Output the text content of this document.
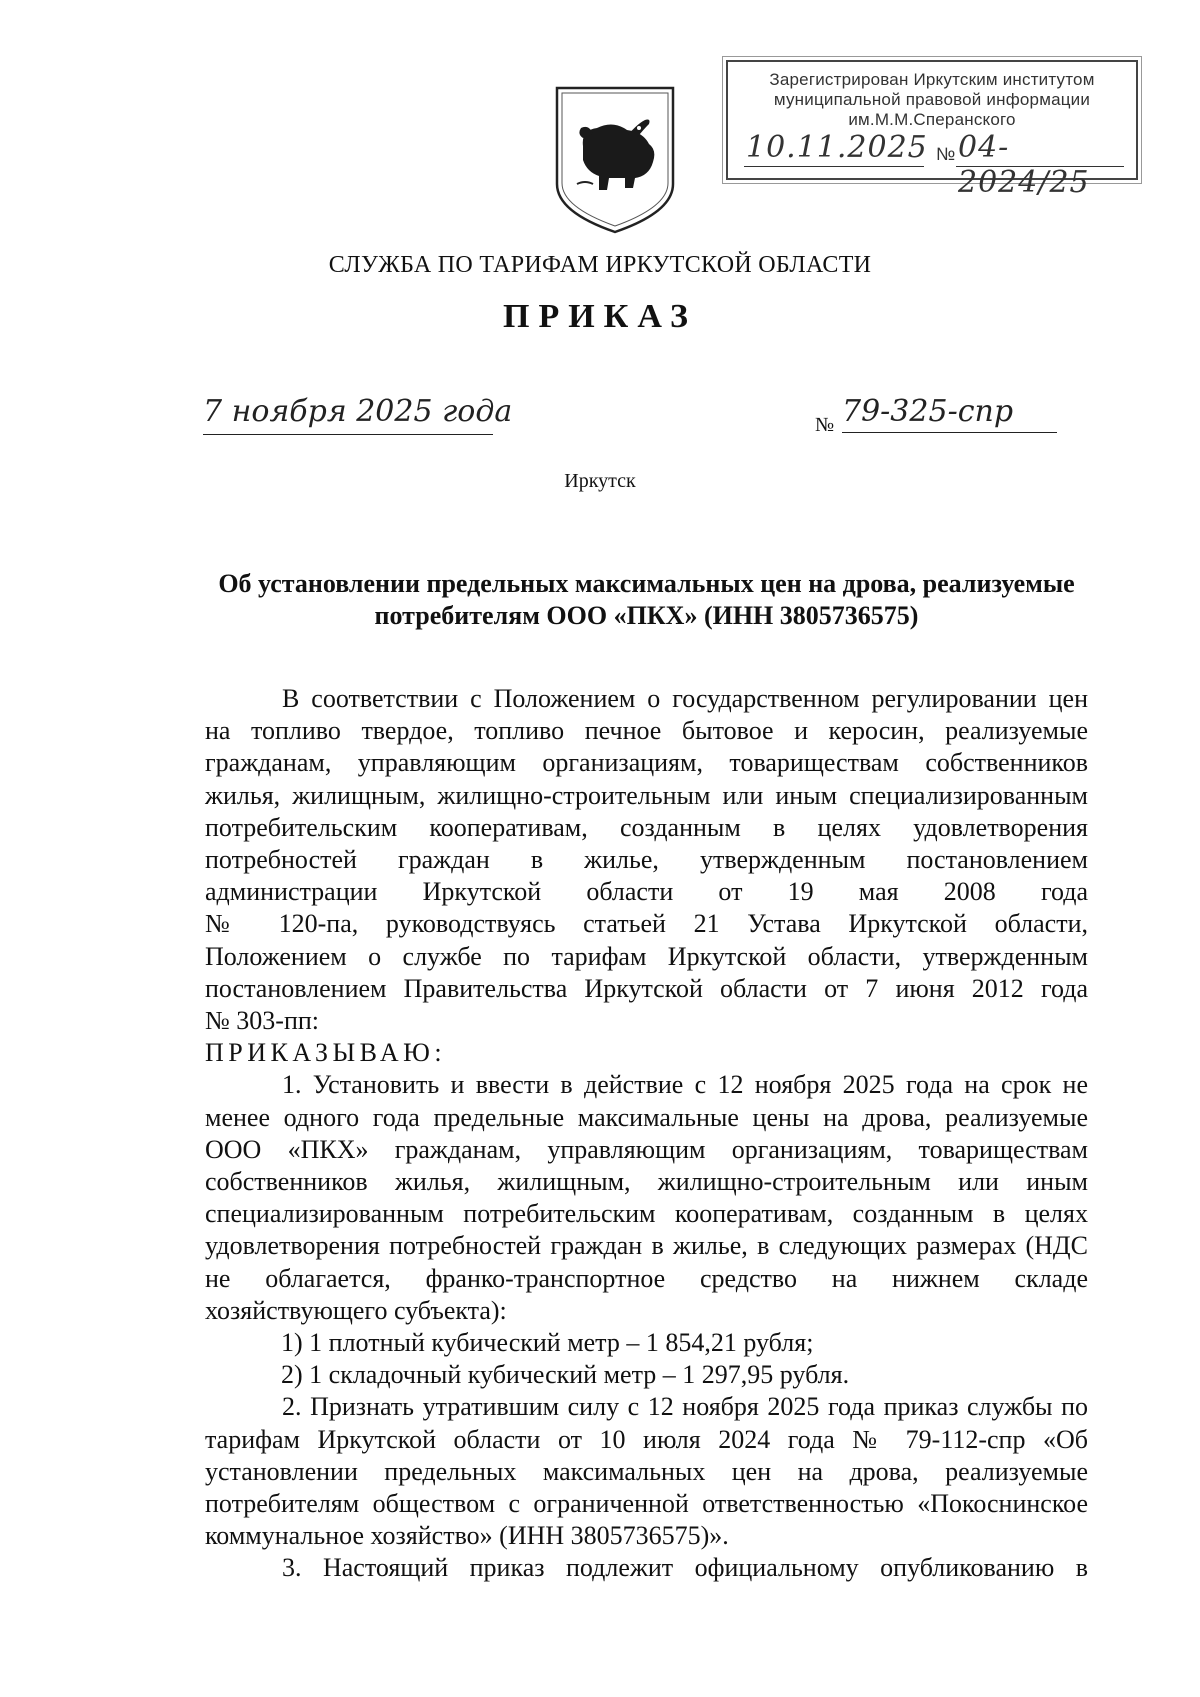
Зарегистрирован Иркутским институтом
муниципальной правовой информации
им.М.М.Сперанского
10.11.2025 № 04-2024/25
СЛУЖБА ПО ТАРИФАМ ИРКУТСКОЙ ОБЛАСТИ
ПРИКАЗ
7 ноября 2025 года	№ 79-325-спр
Иркутск
Об установлении предельных максимальных цен на дрова, реализуемые
потребителям ООО «ПКХ» (ИНН 3805736575)

В соответствии с Положением о государственном регулировании цен

на топливо твердое, топливо печное бытовое и керосин, реализуемые

гражданам, управляющим организациям, товариществам собственников

жилья, жилищным, жилищно-строительным или иным специализированным

потребительским кооперативам, созданным в целях удовлетворения

потребностей граждан в жилье, утвержденным постановлением

администрации Иркутской области от 19 мая 2008 года

№ 120-па, руководствуясь статьей 21 Устава Иркутской области,

Положением о службе по тарифам Иркутской области, утвержденным

постановлением Правительства Иркутской области от 7 июня 2012 года

№ 303-пп:

ПРИКАЗЫВАЮ:

1. Установить и ввести в действие с 12 ноября 2025 года на срок не

менее одного года предельные максимальные цены на дрова, реализуемые

ООО «ПКХ» гражданам, управляющим организациям, товариществам

собственников жилья, жилищным, жилищно-строительным или иным

специализированным потребительским кооперативам, созданным в целях

удовлетворения потребностей граждан в жилье, в следующих размерах (НДС

не облагается, франко-транспортное средство на нижнем складе

хозяйствующего субъекта):

1) 1 плотный кубический метр – 1 854,21 рубля;

2) 1 складочный кубический метр – 1 297,95 рубля.

2. Признать утратившим силу с 12 ноября 2025 года приказ службы по

тарифам Иркутской области от 10 июля 2024 года № 79-112-спр «Об

установлении предельных максимальных цен на дрова, реализуемые

потребителям обществом с ограниченной ответственностью «Покоснинское

коммунальное хозяйство» (ИНН 3805736575)».

3. Настоящий приказ подлежит официальному опубликованию в
